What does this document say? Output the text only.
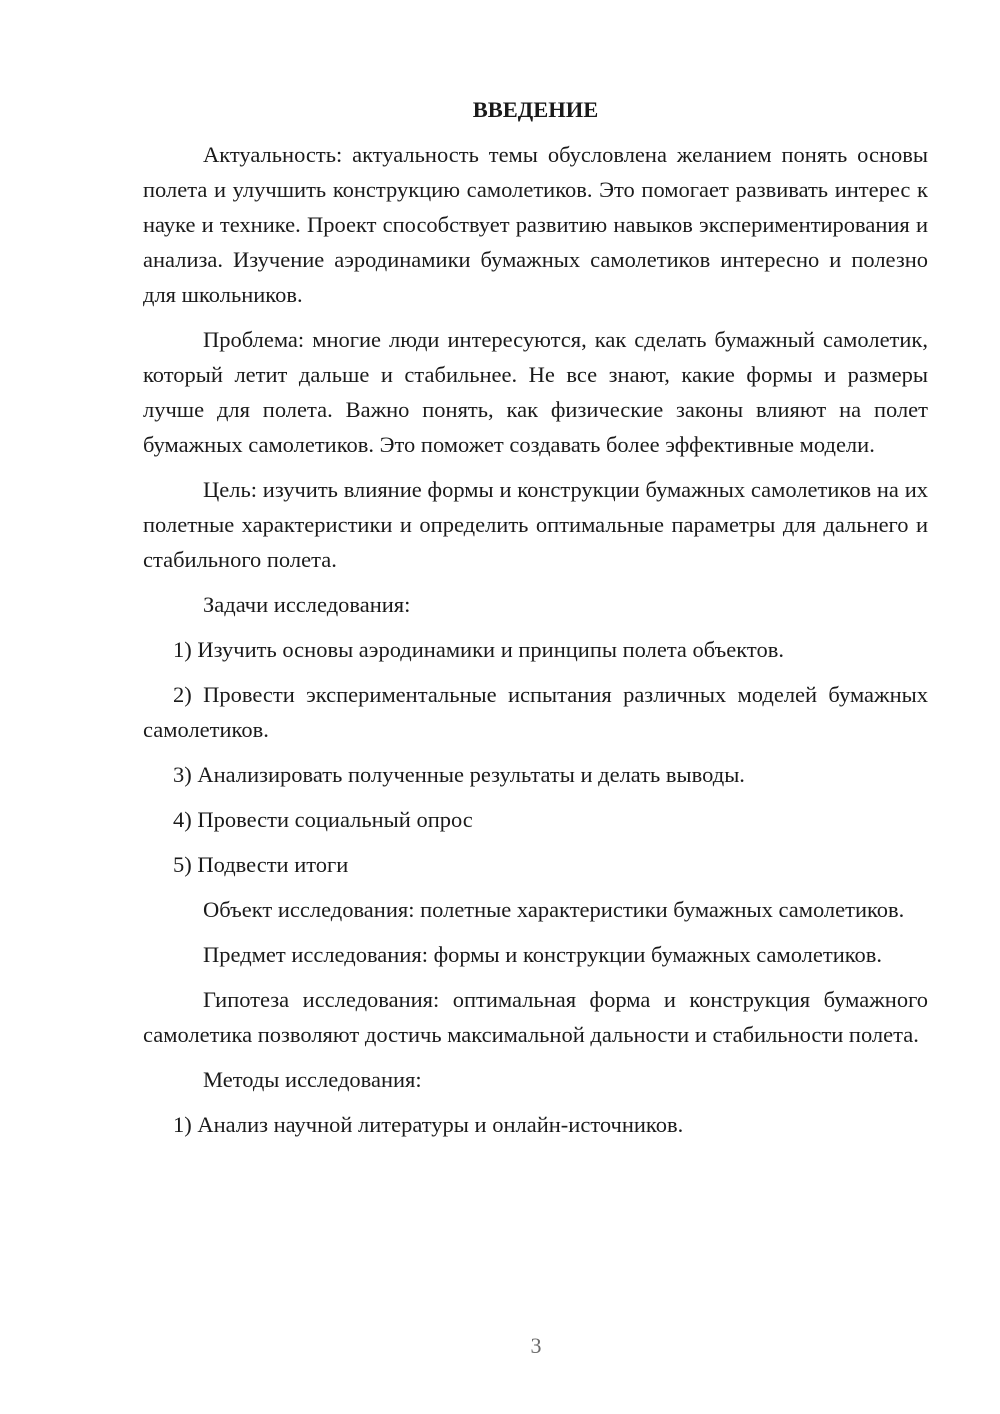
ВВЕДЕНИЕ

Актуальность: актуальность темы обусловлена желанием понять основы полета и улучшить конструкцию самолетиков. Это помогает развивать интерес к науке и технике. Проект способствует развитию навыков экспериментирования и анализа. Изучение аэродинамики бумажных самолетиков интересно и полезно для школьников.

Проблема: многие люди интересуются, как сделать бумажный самолетик, который летит дальше и стабильнее. Не все знают, какие формы и размеры лучше для полета. Важно понять, как физические законы влияют на полет бумажных самолетиков. Это поможет создавать более эффективные модели.

Цель: изучить влияние формы и конструкции бумажных самолетиков на их полетные характеристики и определить оптимальные параметры для дальнего и стабильного полета.

Задачи исследования:

1) Изучить основы аэродинамики и принципы полета объектов.

2) Провести экспериментальные испытания различных моделей бумажных самолетиков.

3) Анализировать полученные результаты и делать выводы.

4) Провести социальный опрос

5) Подвести итоги

Объект исследования: полетные характеристики бумажных самолетиков.

Предмет исследования: формы и конструкции бумажных самолетиков.

Гипотеза исследования: оптимальная форма и конструкция бумажного самолетика позволяют достичь максимальной дальности и стабильности полета.

Методы исследования:

1) Анализ научной литературы и онлайн-источников.

3
